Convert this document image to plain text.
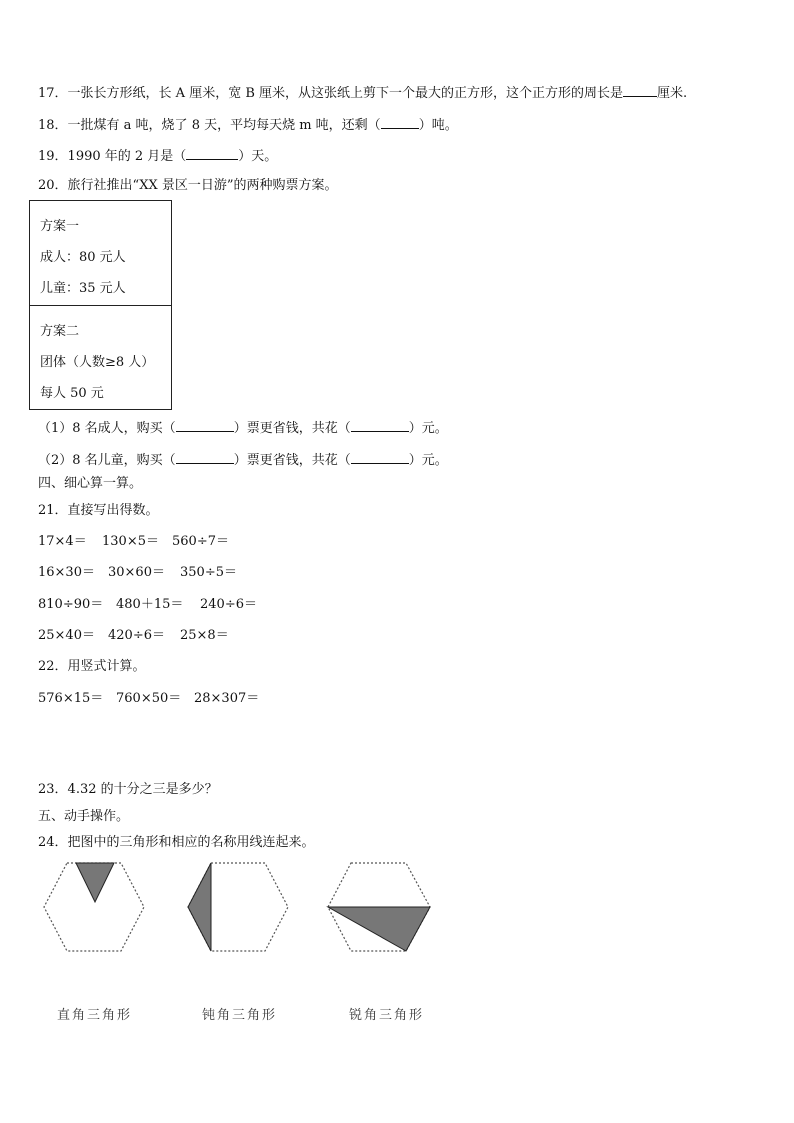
17．一张长方形纸，长 A 厘米，宽 B 厘米，从这张纸上剪下一个最大的正方形，这个正方形的周长是	厘米.
18．一批煤有 a 吨，烧了 8 天，平均每天烧 m 吨，还剩（	）吨。
19．1990 年的 2 月是（	）天。
20．旅行社推出“XX 景区一日游”的两种购票方案。
方案一
成人：80 元人
儿童：35 元人
方案二
团体（人数≥8 人）
每人 50 元
（1）8 名成人，购买（	）票更省钱，共花（	）元。
（2）8 名儿童，购买（	）票更省钱，共花（	）元。
四、细心算一算。
21．直接写出得数。
17×4＝ 130×5＝ 560÷7＝
16×30＝ 30×60＝ 350÷5＝
810÷90＝ 480＋15＝ 240÷6＝
25×40＝ 420÷6＝ 25×8＝
22．用竖式计算。
576×15＝ 760×50＝ 28×307＝
23．4.32 的十分之三是多少？
五、动手操作。
24．把图中的三角形和相应的名称用线连起来。
直角三角形	钝角三角形	锐角三角形
